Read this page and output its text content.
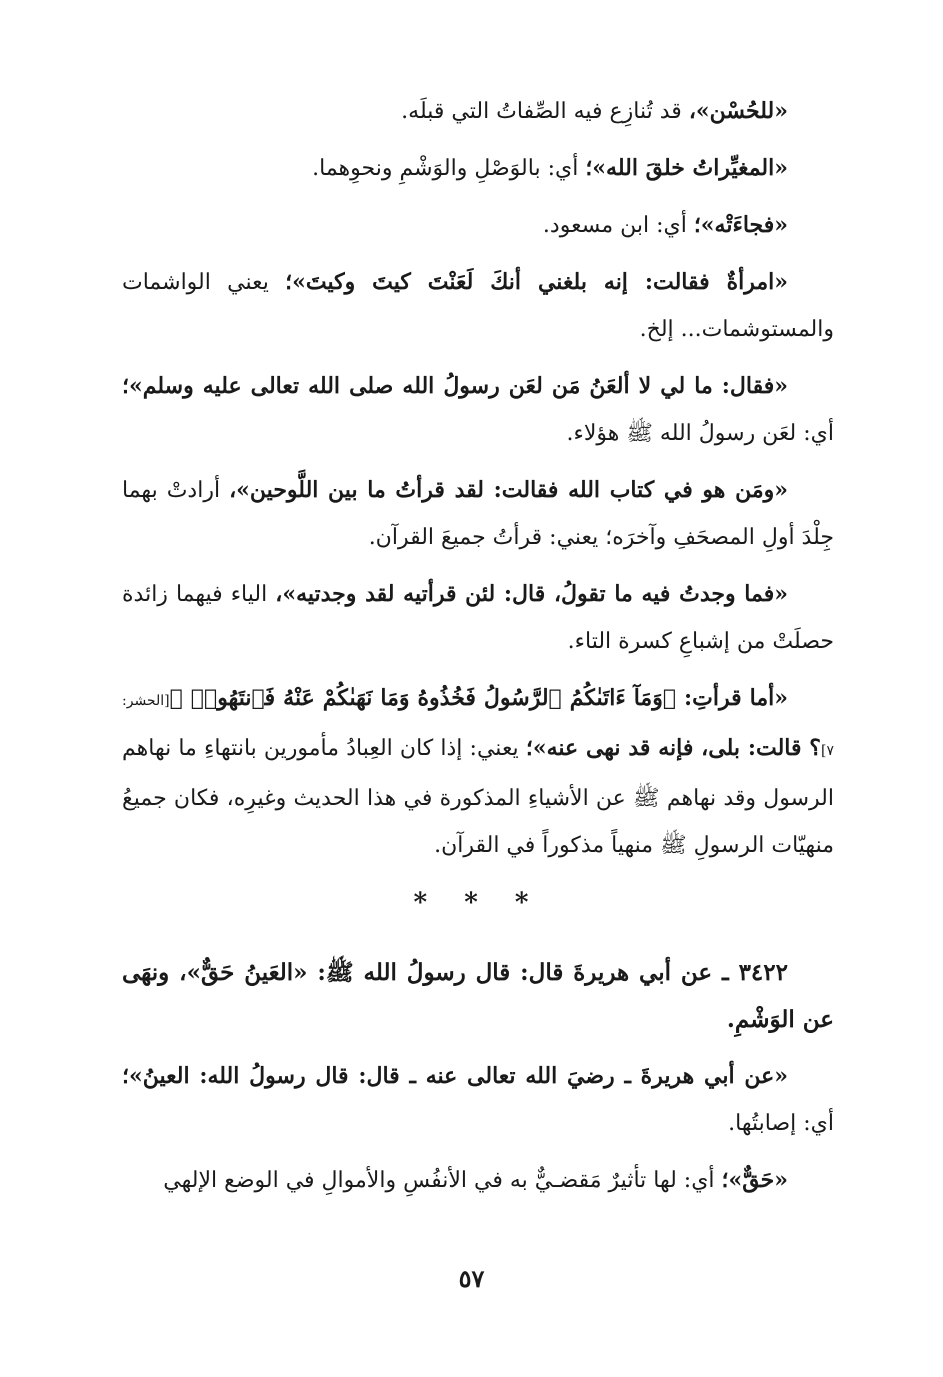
«للحُسْن»، قد تُنازِع فيه الصِّفاتُ التي قبلَه.

«المغيِّراتُ خلقَ الله»؛ أي: بالوَصْلِ والوَشْمِ ونحوِهما.

«فجاءَتْه»؛ أي: ابن مسعود.

«امرأةٌ فقالت: إنه بلغني أنكَ لَعَنْتَ كيتَ وكيتَ»؛ يعني الواشمات والمستوشمات... إلخ.

«فقال: ما لي لا ألعَنُ مَن لعَن رسولُ الله صلى الله تعالى عليه وسلم»؛ أي: لعَن رسولُ الله ﷺ هؤلاء.

«ومَن هو في كتاب الله فقالت: لقد قرأتُ ما بين اللَّوحين»، أرادتْ بهما جِلْدَ أولِ المصحَفِ وآخرَه؛ يعني: قرأتُ جميعَ القرآن.

«فما وجدتُ فيه ما تقولُ، قال: لئن قرأتيه لقد وجدتيه»، الياء فيهما زائدة حصلَتْ من إشباعِ كسرة التاء.

«أما قرأتِ: ﴿وَمَآ ءَاتَىٰكُمُ ٱلرَّسُولُ فَخُذُوهُ وَمَا نَهَىٰكُمْ عَنْهُ فَٱنتَهُوا۟ ﴾[الحشر: ٧]؟ قالت: بلى، فإنه قد نهى عنه»؛ يعني: إذا كان العِبادُ مأمورين بانتهاءِ ما نهاهم الرسول وقد نهاهم ﷺ عن الأشياءِ المذكورة في هذا الحديث وغيرِه، فكان جميعُ منهيّات الرسولِ ﷺ منهياً مذكوراً في القرآن.

* * *

٣٤٢٢ ـ عن أبي هريرةَ قال: قال رسولُ الله ﷺ: «العَينُ حَقٌّ»، ونهَى عن الوَشْمِ.

«عن أبي هريرةَ ـ رضيَ الله تعالى عنه ـ قال: قال رسولُ الله: العينُ»؛ أي: إصابتُها.

«حَقٌّ»؛ أي: لها تأثيرٌ مَقضـيٌّ به في الأنفُسِ والأموالِ في الوضع الإلهي

٥٧
